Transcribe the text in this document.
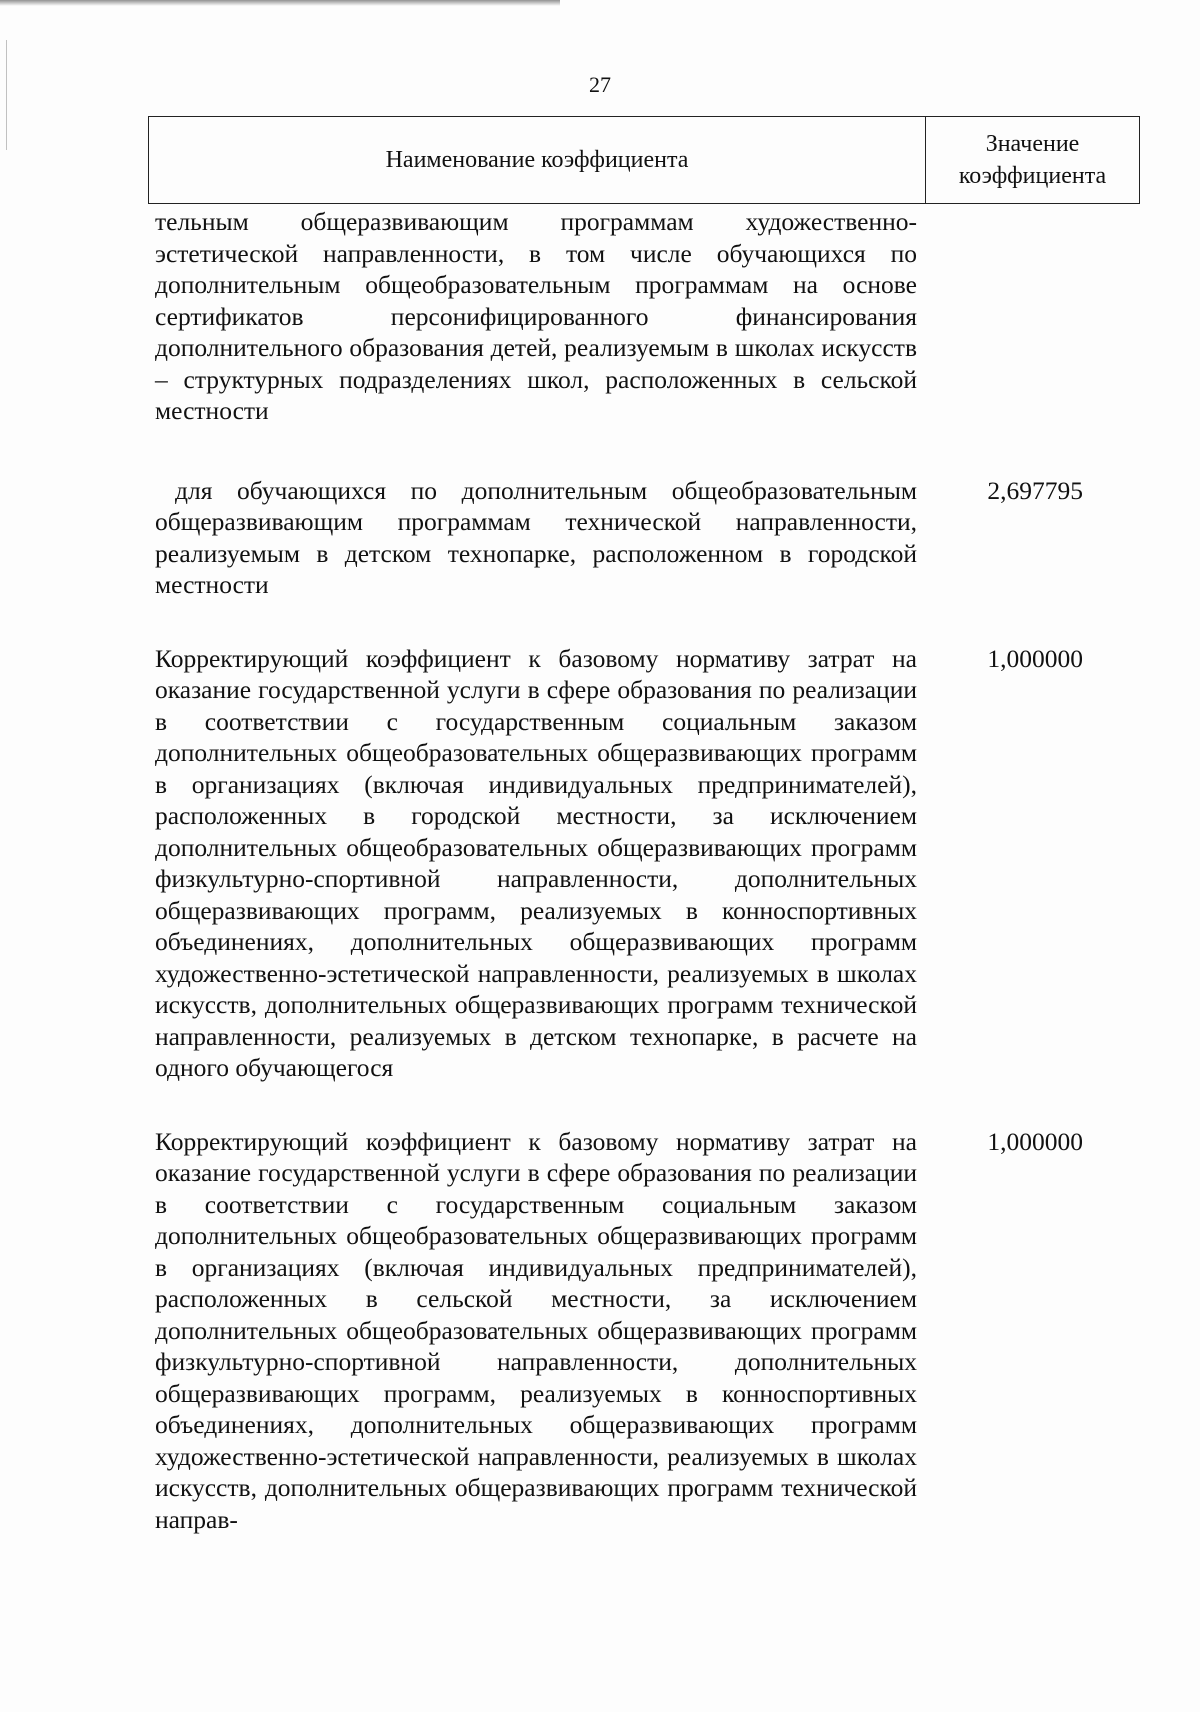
27
Наименование коэффициента
Значение коэффициента
тельным общеразвивающим программам художественно-эстетической направленности, в том числе обучающихся по дополнительным общеобразовательным программам на основе сертификатов персонифицированного финансирования дополнительного образования детей, реализуемым в школах искусств – структурных подразделениях школ, расположенных в сельской местности
для обучающихся по дополнительным общеобразовательным общеразвивающим программам технической направленности, реализуемым в детском технопарке, расположенном в городской местности
2,697795
Корректирующий коэффициент к базовому нормативу затрат на оказание государственной услуги в сфере образования по реализации в соответствии с государственным социальным заказом дополнительных общеобразовательных общеразвивающих программ в организациях (включая индивидуальных предпринимателей), расположенных в городской местности, за исключением дополнительных общеобразовательных общеразвивающих программ физкультурно-спортивной направленности, дополнительных общеразвивающих программ, реализуемых в конноспортивных объединениях, дополнительных общеразвивающих программ художественно-эстетической направленности, реализуемых в школах искусств, дополнительных общеразвивающих программ технической направленности, реализуемых в детском технопарке, в расчете на одного обучающегося
1,000000
Корректирующий коэффициент к базовому нормативу затрат на оказание государственной услуги в сфере образования по реализации в соответствии с государственным социальным заказом дополнительных общеобразовательных общеразвивающих программ в организациях (включая индивидуальных предпринимателей), расположенных в сельской местности, за исключением дополнительных общеобразовательных общеразвивающих программ физкультурно-спортивной направленности, дополнительных общеразвивающих программ, реализуемых в конноспортивных объединениях, дополнительных общеразвивающих программ художественно-эстетической направленности, реализуемых в школах искусств, дополнительных общеразвивающих программ технической направ-
1,000000
